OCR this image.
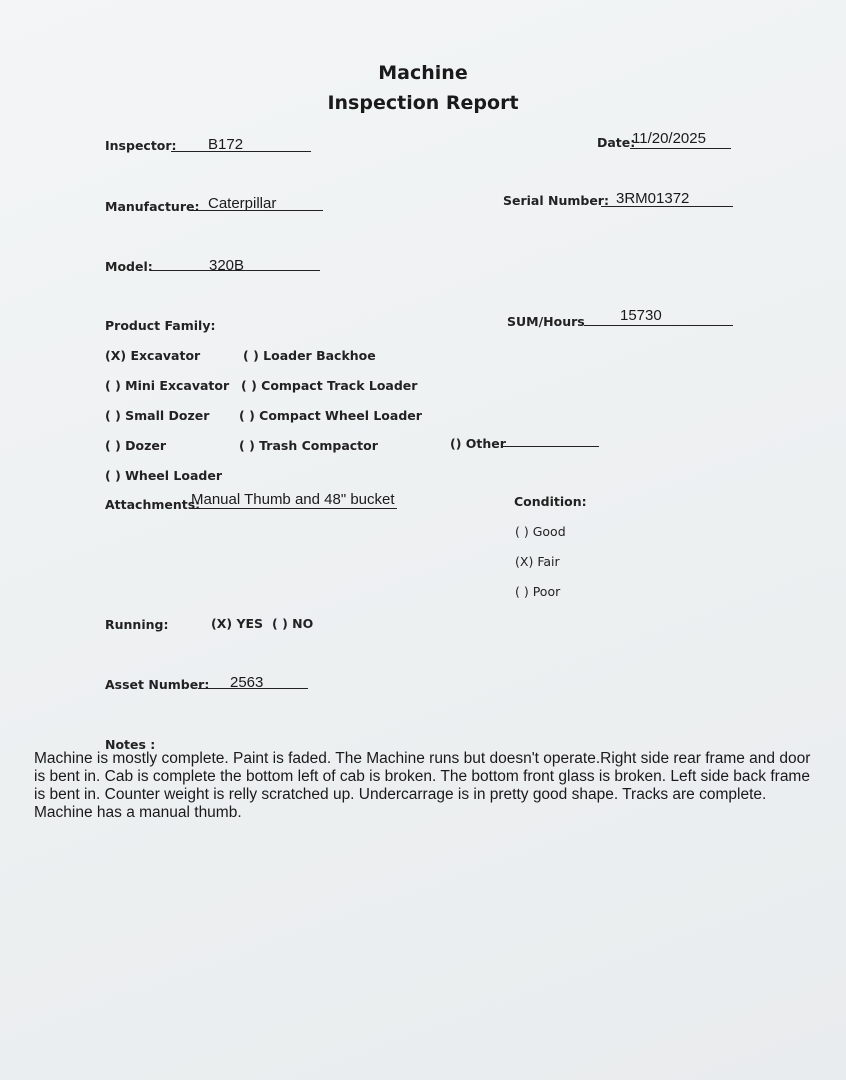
Machine
Inspection Report
Inspector: B172	Date:
11/20/2025
Manufacture: Caterpillar	Serial Number: 3RM01372
Model:	320B
SUM/Hours 15730
Product Family:
(X) Excavator	( ) Loader Backhoe
( ) Mini Excavator ( ) Compact Track Loader
( ) Small Dozer ( ) Compact Wheel Loader
( ) Dozer	( ) Trash Compactor	() Other
( ) Wheel Loader
Attachments:
Manual Thumb and 48" bucket	Condition:
( ) Good
(X) Fair
( ) Poor
Running:	(X) YES ( ) NO
Asset Number: 2563
Notes :
Machine is mostly complete. Paint is faded. The Machine runs but doesn't operate.Right side rear frame and door is bent in. Cab is complete the bottom left of cab is broken. The bottom front glass is broken. Left side back frame is bent in. Counter weight is relly scratched up. Undercarrage is in pretty good shape. Tracks are complete. Machine has a manual thumb.
